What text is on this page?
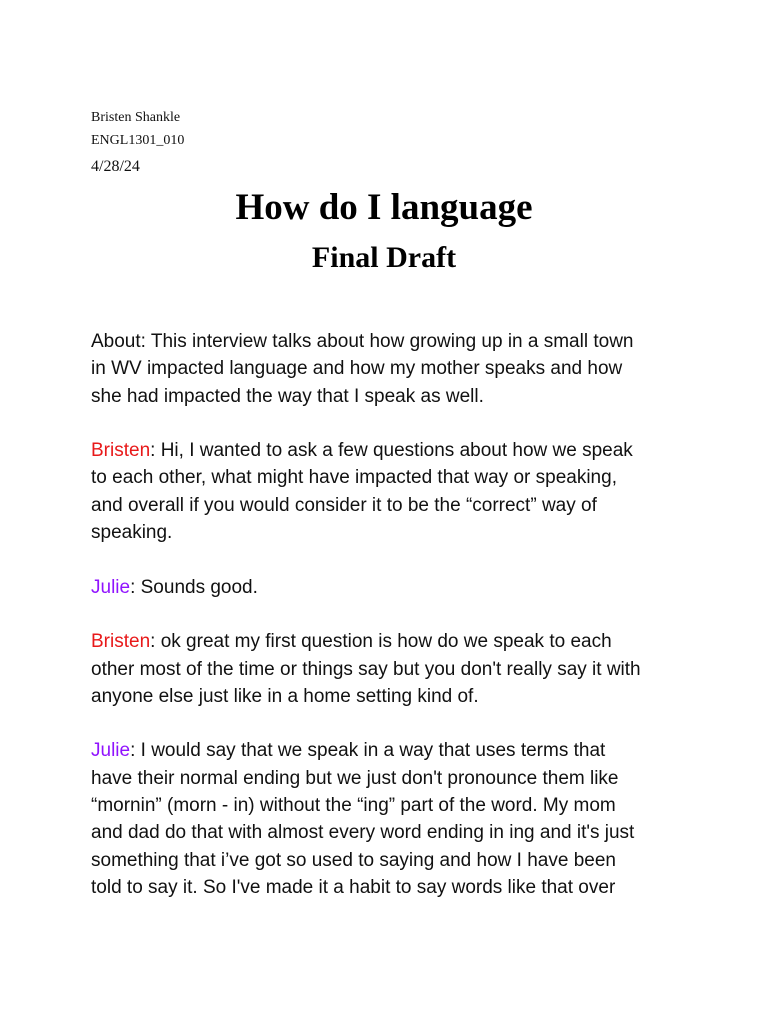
Bristen Shankle

ENGL1301_010

4/28/24

How do I language
Final Draft

About: This interview talks about how growing up in a small town
in WV impacted language and how my mother speaks and how
she had impacted the way that I speak as well.

Bristen: Hi, I wanted to ask a few questions about how we speak
to each other, what might have impacted that way or speaking,
and overall if you would consider it to be the “correct” way of
speaking.

Julie: Sounds good.

Bristen: ok great my first question is how do we speak to each
other most of the time or things say but you don't really say it with
anyone else just like in a home setting kind of.

Julie: I would say that we speak in a way that uses terms that
have their normal ending but we just don't pronounce them like
“mornin” (morn - in) without the “ing” part of the word. My mom
and dad do that with almost every word ending in ing and it's just
something that i’ve got so used to saying and how I have been
told to say it. So I've made it a habit to say words like that over
